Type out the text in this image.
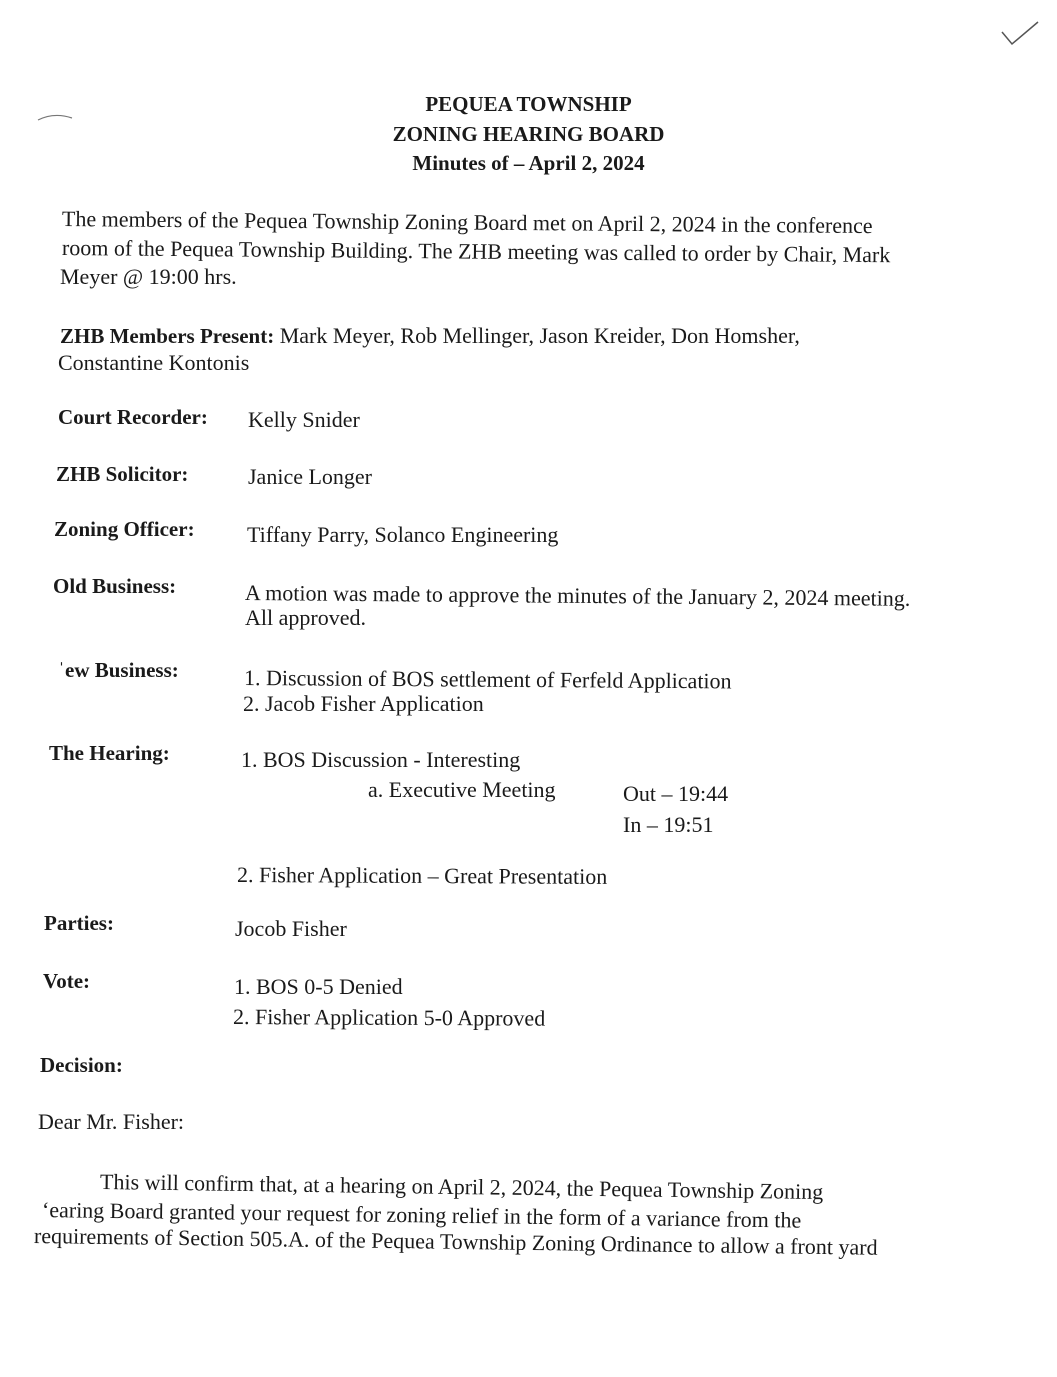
PEQUEA TOWNSHIP
ZONING HEARING BOARD
Minutes of – April 2, 2024
The members of the Pequea Township Zoning Board met on April 2, 2024 in the conference
room of the Pequea Township Building. The ZHB meeting was called to order by Chair, Mark
Meyer @ 19:00 hrs.
ZHB Members Present: Mark Meyer, Rob Mellinger, Jason Kreider, Don Homsher,
Constantine Kontonis
Court Recorder: Kelly Snider
ZHB Solicitor:	Janice Longer
Zoning Officer: Tiffany Parry, Solanco Engineering
Old Business:	A motion was made to approve the minutes of the January 2, 2024 meeting.
All approved.
ˈew Business:	1. Discussion of BOS settlement of Ferfeld Application
2. Jacob Fisher Application
The Hearing:	1. BOS Discussion - Interesting
a. Executive Meeting	Out – 19:44
In – 19:51
2. Fisher Application – Great Presentation
Parties:	Jocob Fisher
Vote:	1. BOS 0-5 Denied
2. Fisher Application 5-0 Approved
Decision:
Dear Mr. Fisher:
This will confirm that, at a hearing on April 2, 2024, the Pequea Township Zoning
ʻearing Board granted your request for zoning relief in the form of a variance from the
requirements of Section 505.A. of the Pequea Township Zoning Ordinance to allow a front yard
